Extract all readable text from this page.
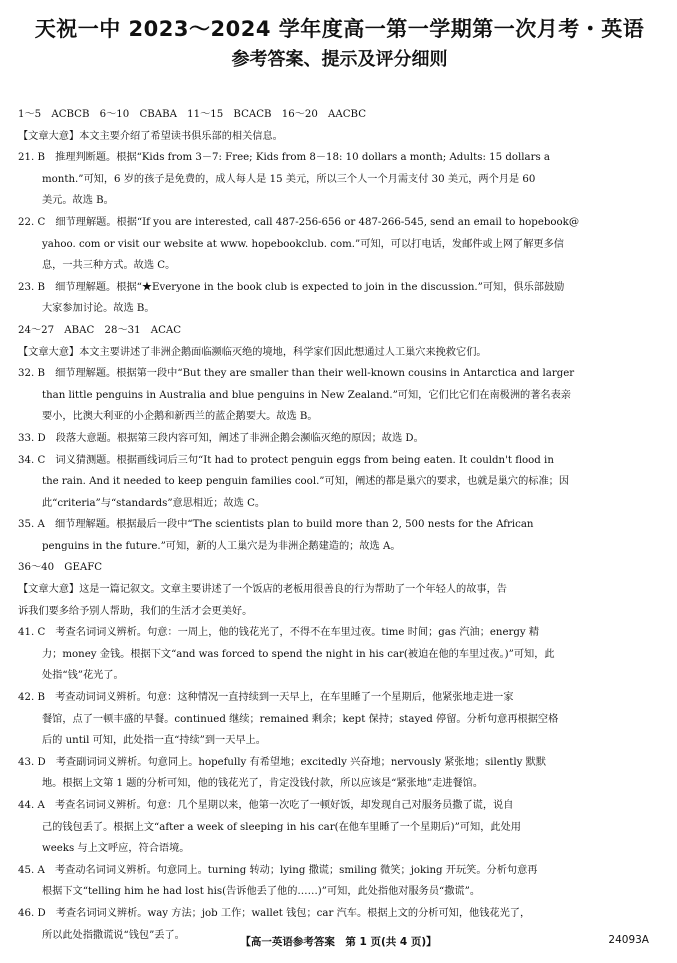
天祝一中 2023～2024 学年度高一第一学期第一次月考・英语
参考答案、提示及评分细则
1～5　ACBCB　6～10　CBABA　11～15　BCACB　16～20　AACBC
【文章大意】本文主要介绍了希望读书俱乐部的相关信息。
21. B　推理判断题。根据“Kids from 3－7: Free; Kids from 8－18: 10 dollars a month; Adults: 15 dollars a
month.”可知，6 岁的孩子是免费的，成人每人是 15 美元，所以三个人一个月需支付 30 美元，两个月是 60
美元。故选 B。
22. C　细节理解题。根据“If you are interested, call 487-256-656 or 487-266-545, send an email to hopebook@
yahoo. com or visit our website at www. hopebookclub. com.”可知，可以打电话，发邮件或上网了解更多信
息，一共三种方式。故选 C。
23. B　细节理解题。根据“★Everyone in the book club is expected to join in the discussion.”可知，俱乐部鼓励
大家参加讨论。故选 B。
24～27　ABAC　28～31　ACAC
【文章大意】本文主要讲述了非洲企鹅面临濒临灭绝的境地，科学家们因此想通过人工巢穴来挽救它们。
32. B　细节理解题。根据第一段中“But they are smaller than their well-known cousins in Antarctica and larger
than little penguins in Australia and blue penguins in New Zealand.”可知，它们比它们在南极洲的著名表亲
要小，比澳大利亚的小企鹅和新西兰的蓝企鹅要大。故选 B。
33. D　段落大意题。根据第三段内容可知，阐述了非洲企鹅会濒临灭绝的原因；故选 D。
34. C　词义猜测题。根据画线词后三句“It had to protect penguin eggs from being eaten. It couldn't flood in
the rain. And it needed to keep penguin families cool.”可知，阐述的都是巢穴的要求，也就是巢穴的标准；因
此“criteria”与“standards”意思相近；故选 C。
35. A　细节理解题。根据最后一段中“The scientists plan to build more than 2, 500 nests for the African
penguins in the future.”可知，新的人工巢穴是为非洲企鹅建造的；故选 A。
36～40　GEAFC
【文章大意】这是一篇记叙文。文章主要讲述了一个饭店的老板用很善良的行为帮助了一个年轻人的故事，告
诉我们要多给予别人帮助，我们的生活才会更美好。
41. C　考查名词词义辨析。句意：一周上，他的钱花光了，不得不在车里过夜。time 时间；gas 汽油；energy 精
力；money 金钱。根据下文“and was forced to spend the night in his car(被迫在他的车里过夜。)”可知，此
处指“钱”花光了。
42. B　考查动词词义辨析。句意：这种情况一直持续到一天早上，在车里睡了一个星期后，他紧张地走进一家
餐馆，点了一顿丰盛的早餐。continued 继续；remained 剩余；kept 保持；stayed 停留。分析句意再根据空格
后的 until 可知，此处指一直“持续”到一天早上。
43. D　考查副词词义辨析。句意同上。hopefully 有希望地；excitedly 兴奋地；nervously 紧张地；silently 默默
地。根据上文第 1 题的分析可知，他的钱花光了，肯定没钱付款，所以应该是“紧张地”走进餐馆。
44. A　考查名词词义辨析。句意：几个星期以来，他第一次吃了一顿好饭，却发现自己对服务员撒了谎，说自
己的钱包丢了。根据上文“after a week of sleeping in his car(在他车里睡了一个星期后)”可知，此处用
weeks 与上文呼应，符合语境。
45. A　考查动名词词义辨析。句意同上。turning 转动；lying 撒谎；smiling 微笑；joking 开玩笑。分析句意再
根据下文“telling him he had lost his(告诉他丢了他的……)”可知，此处指他对服务员“撒谎”。
46. D　考查名词词义辨析。way 方法；job 工作；wallet 钱包；car 汽车。根据上文的分析可知，他钱花光了，
所以此处指撒谎说“钱包”丢了。
【高一英语参考答案　第 1 页(共 4 页)】	24093A
